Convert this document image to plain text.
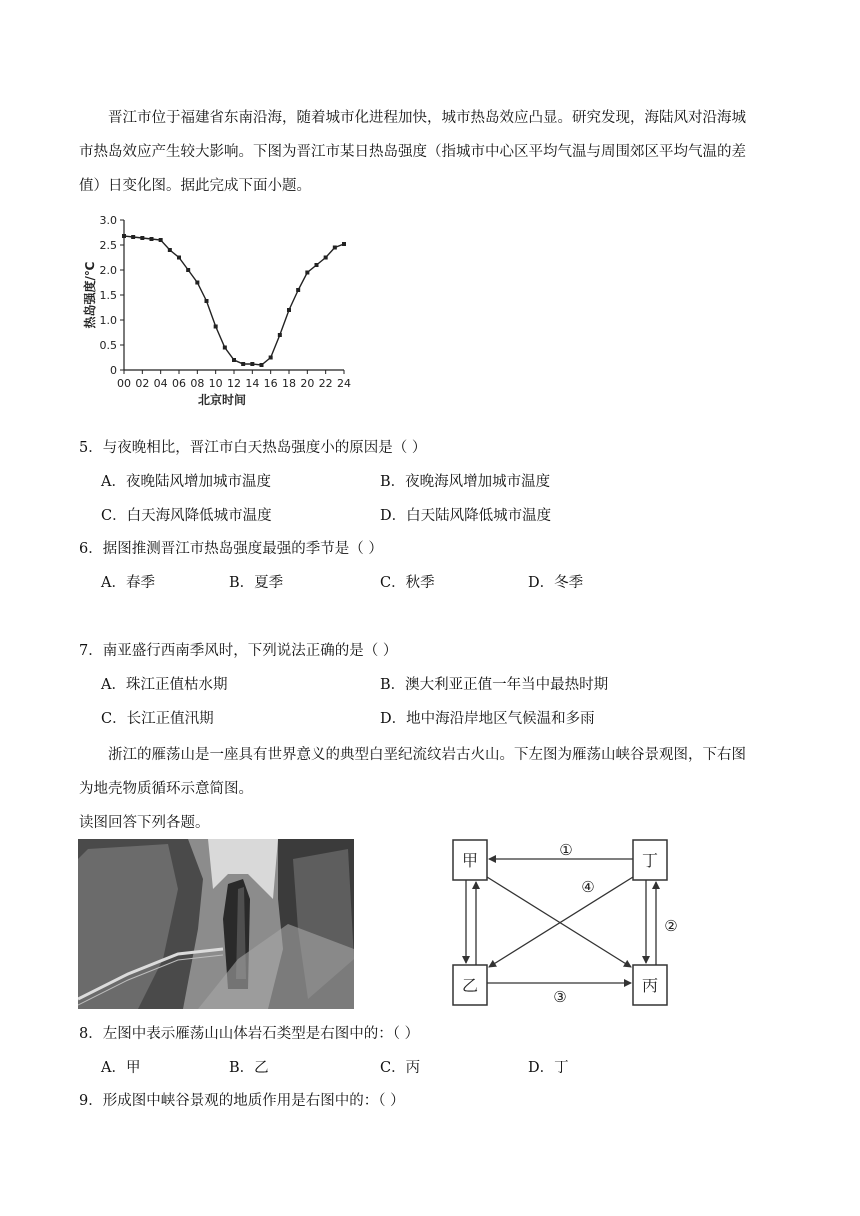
晋江市位于福建省东南沿海，随着城市化进程加快，城市热岛效应凸显。研究发现，海陆风对沿海城
市热岛效应产生较大影响。下图为晋江市某日热岛强度（指城市中心区平均气温与周围郊区平均气温的差
值）日变化图。据此完成下面小题。
0
0.5
1.0
1.5
2.0
2.5
3.0
00 02 04 06 08 10 12 14 16 18 20 22 24
北京时间
热岛强度/℃
5．与夜晚相比，晋江市白天热岛强度小的原因是（ ）
A．夜晚陆风增加城市温度	B．夜晚海风增加城市温度
C．白天海风降低城市温度	D．白天陆风降低城市温度
6．据图推测晋江市热岛强度最强的季节是（ ）
A．春季	B．夏季	C．秋季	D．冬季
7．南亚盛行西南季风时，下列说法正确的是（ ）
A．珠江正值枯水期	B．澳大利亚正值一年当中最热时期
C．长江正值汛期	D．地中海沿岸地区气候温和多雨
浙江的雁荡山是一座具有世界意义的典型白垩纪流纹岩古火山。下左图为雁荡山峡谷景观图，下右图
为地壳物质循环示意简图。
读图回答下列各题。
甲	丁
乙	丙
①
④
②
③
8．左图中表示雁荡山山体岩石类型是右图中的：（ ）
A．甲	B．乙	C．丙	D．丁
9．形成图中峡谷景观的地质作用是右图中的：（ ）
